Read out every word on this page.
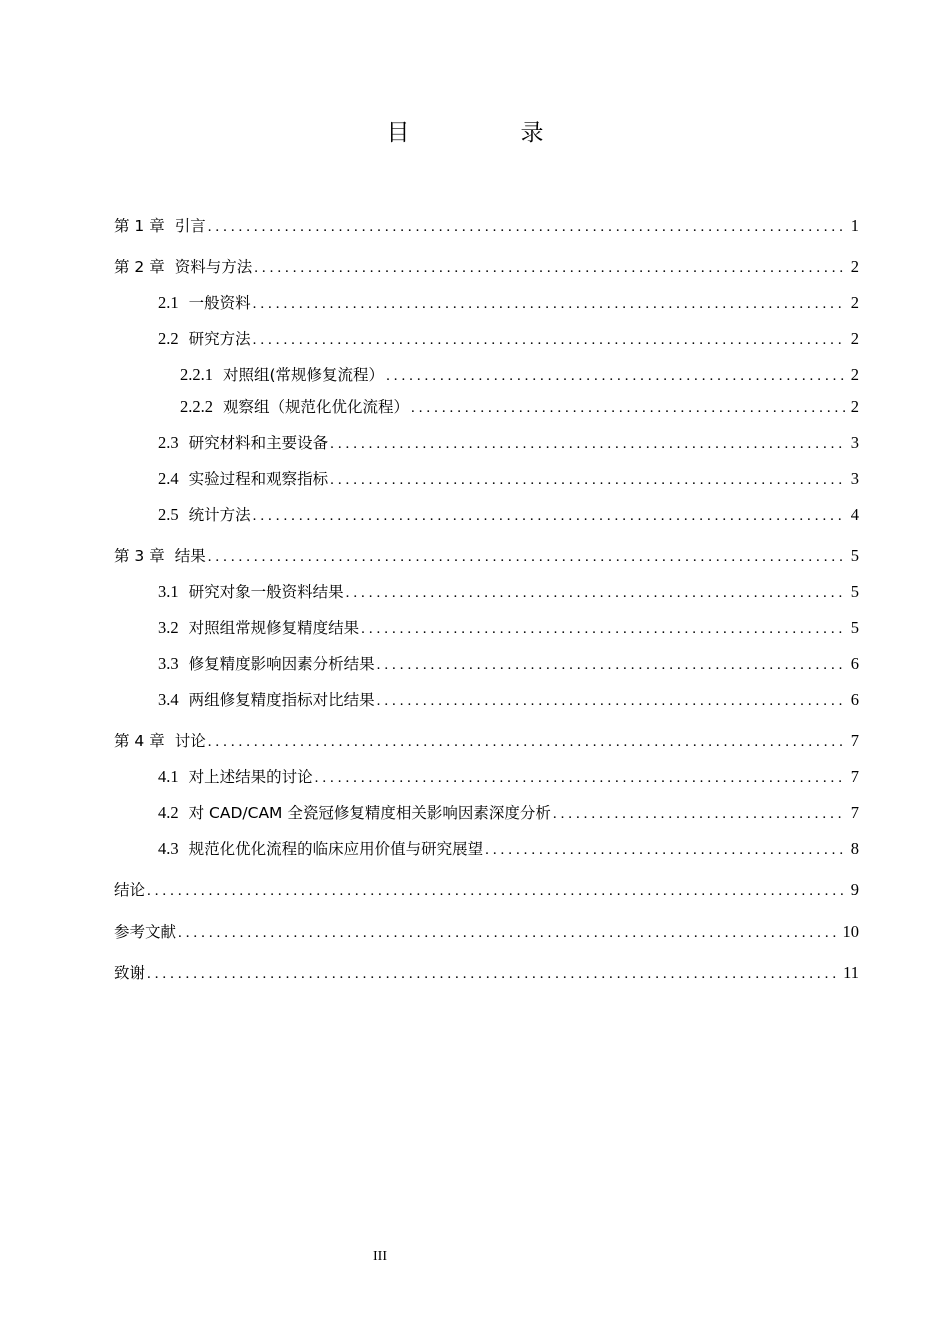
目　录
第 1 章 引言 . . .	1
第 2 章 资料与方法 . . .	2
2.1 一般资料 . . .	2
2.2 研究方法 . . .	2
2.2.1 对照组(常规修复流程） . . .	2
2.2.2 观察组（规范化优化流程） . . .	2
2.3 研究材料和主要设备 . . .	3
2.4 实验过程和观察指标 . . .	3
2.5 统计方法 . . .	4
第 3 章 结果 . . .	5
3.1 研究对象一般资料结果 . . .	5
3.2 对照组常规修复精度结果 . . .	5
3.3 修复精度影响因素分析结果 . . .	6
3.4 两组修复精度指标对比结果 . . .	6
第 4 章 讨论 . . .	7
4.1 对上述结果的讨论 . . .	7
4.2 对 CAD/CAM 全瓷冠修复精度相关影响因素深度分析 . . .	7
4.3 规范化优化流程的临床应用价值与研究展望 . . .	8
结论 . . .	9
参考文献 . . .	10
致谢 . . .	11
III
